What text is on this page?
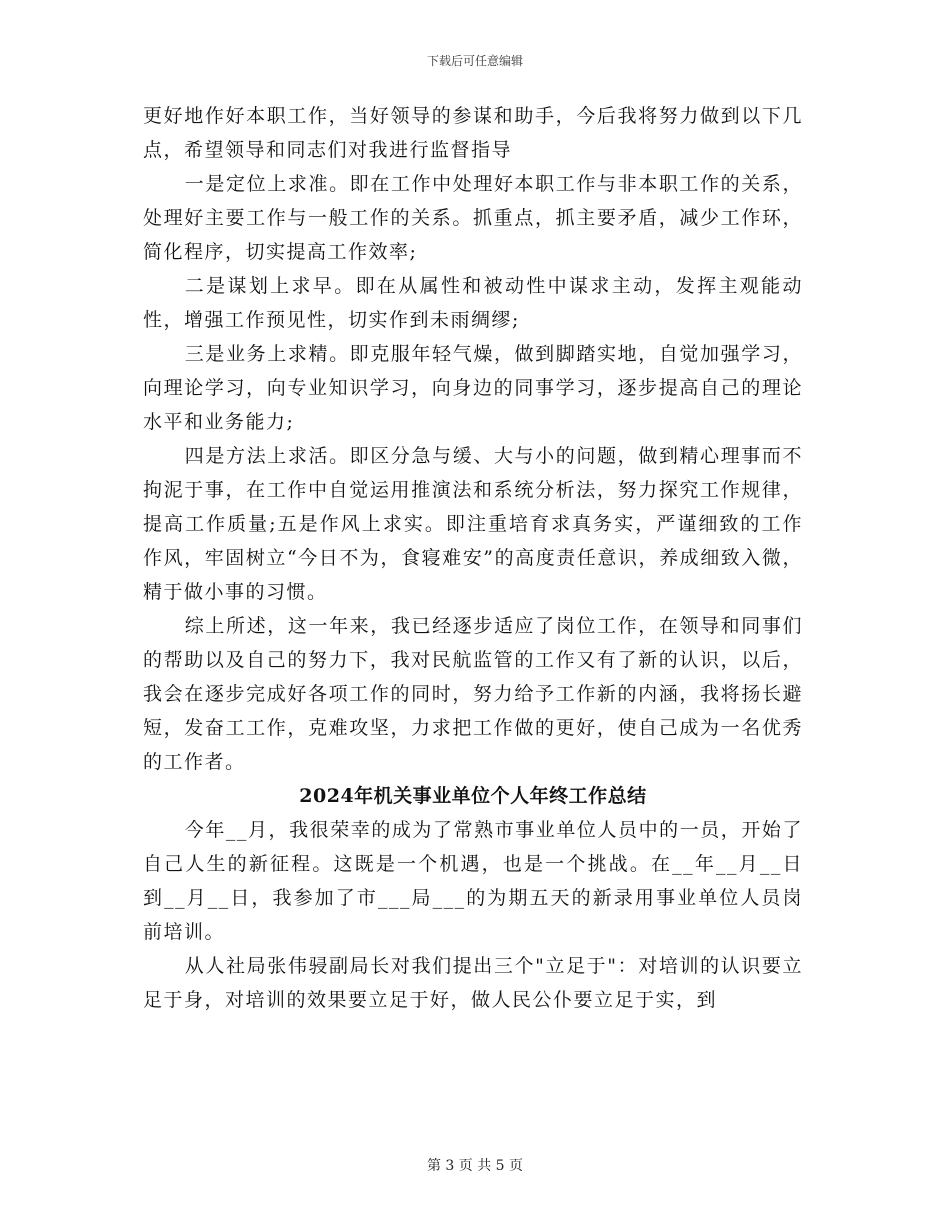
下载后可任意编辑

更好地作好本职工作，当好领导的参谋和助手，今后我将努力做到以下几点，希望领导和同志们对我进行监督指导

一是定位上求准。即在工作中处理好本职工作与非本职工作的关系，处理好主要工作与一般工作的关系。抓重点，抓主要矛盾，减少工作环，简化程序，切实提高工作效率;

二是谋划上求早。即在从属性和被动性中谋求主动，发挥主观能动性，增强工作预见性，切实作到未雨绸缪;

三是业务上求精。即克服年轻气燥，做到脚踏实地，自觉加强学习，向理论学习，向专业知识学习，向身边的同事学习，逐步提高自己的理论水平和业务能力;

四是方法上求活。即区分急与缓、大与小的问题，做到精心理事而不拘泥于事，在工作中自觉运用推演法和系统分析法，努力探究工作规律，提高工作质量;五是作风上求实。即注重培育求真务实，严谨细致的工作作风，牢固树立“今日不为，食寝难安”的高度责任意识，养成细致入微，精于做小事的习惯。

综上所述，这一年来，我已经逐步适应了岗位工作，在领导和同事们的帮助以及自己的努力下，我对民航监管的工作又有了新的认识，以后，我会在逐步完成好各项工作的同时，努力给予工作新的内涵，我将扬长避短，发奋工工作，克难攻坚，力求把工作做的更好，使自己成为一名优秀的工作者。

2024年机关事业单位个人年终工作总结

今年__月，我很荣幸的成为了常熟市事业单位人员中的一员，开始了自己人生的新征程。这既是一个机遇，也是一个挑战。在__年__月__日到__月__日，我参加了市___局___的为期五天的新录用事业单位人员岗前培训。

从人社局张伟骎副局长对我们提出三个"立足于"：对培训的认识要立足于身，对培训的效果要立足于好，做人民公仆要立足于实，到

第 3 页 共 5 页
